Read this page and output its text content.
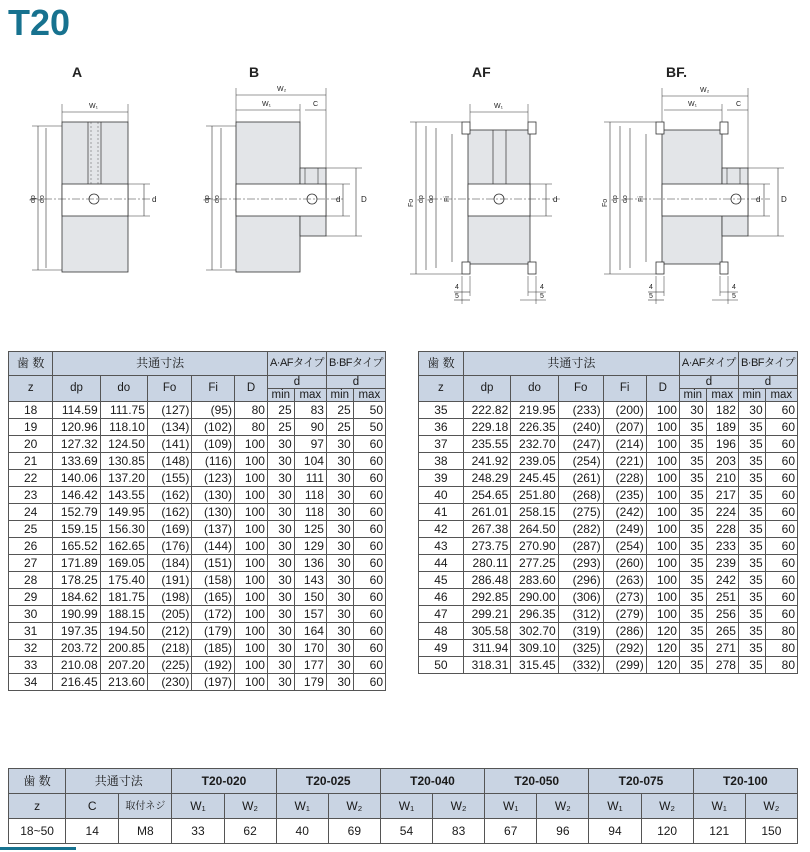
T20
A	B	AF	BF.
W₁
dp do	d
W₂
W₁	C
dp do	d	D
W₁
Fo dp do Fi	d
4
5
4
5
W₂
W₁	C
Fo dp do Fi	d	D
4
5
4
5
歯 数	共通寸法					A·AFタイプ		B·BFタイプ	
z	dp	do	Fo	Fi	D	d		d	
						min	max	min	max
18	114.59	111.75	(127)	(95)	80	25	83	25	50
19	120.96	118.10	(134)	(102)	80	25	90	25	50
20	127.32	124.50	(141)	(109)	100	30	97	30	60
21	133.69	130.85	(148)	(116)	100	30	104	30	60
22	140.06	137.20	(155)	(123)	100	30	111	30	60
23	146.42	143.55	(162)	(130)	100	30	118	30	60
24	152.79	149.95	(162)	(130)	100	30	118	30	60
25	159.15	156.30	(169)	(137)	100	30	125	30	60
26	165.52	162.65	(176)	(144)	100	30	129	30	60
27	171.89	169.05	(184)	(151)	100	30	136	30	60
28	178.25	175.40	(191)	(158)	100	30	143	30	60
29	184.62	181.75	(198)	(165)	100	30	150	30	60
30	190.99	188.15	(205)	(172)	100	30	157	30	60
31	197.35	194.50	(212)	(179)	100	30	164	30	60
32	203.72	200.85	(218)	(185)	100	30	170	30	60
33	210.08	207.20	(225)	(192)	100	30	177	30	60
34	216.45	213.60	(230)	(197)	100	30	179	30	60
歯 数	共通寸法					A·AFタイプ		B·BFタイプ	
z	dp	do	Fo	Fi	D	d		d	
						min	max	min	max
35	222.82	219.95	(233)	(200)	100	30	182	30	60
36	229.18	226.35	(240)	(207)	100	35	189	35	60
37	235.55	232.70	(247)	(214)	100	35	196	35	60
38	241.92	239.05	(254)	(221)	100	35	203	35	60
39	248.29	245.45	(261)	(228)	100	35	210	35	60
40	254.65	251.80	(268)	(235)	100	35	217	35	60
41	261.01	258.15	(275)	(242)	100	35	224	35	60
42	267.38	264.50	(282)	(249)	100	35	228	35	60
43	273.75	270.90	(287)	(254)	100	35	233	35	60
44	280.11	277.25	(293)	(260)	100	35	239	35	60
45	286.48	283.60	(296)	(263)	100	35	242	35	60
46	292.85	290.00	(306)	(273)	100	35	251	35	60
47	299.21	296.35	(312)	(279)	100	35	256	35	60
48	305.58	302.70	(319)	(286)	120	35	265	35	80
49	311.94	309.10	(325)	(292)	120	35	271	35	80
50	318.31	315.45	(332)	(299)	120	35	278	35	80
歯 数	共通寸法		T20-020		T20-025		T20-040		T20-050		T20-075		T20-100	
z	C	取付ネジ	W₁	W₂	W₁	W₂	W₁	W₂	W₁	W₂	W₁	W₂	W₁	W₂
18~50	14	M8	33	62	40	69	54	83	67	96	94	120	121	150
